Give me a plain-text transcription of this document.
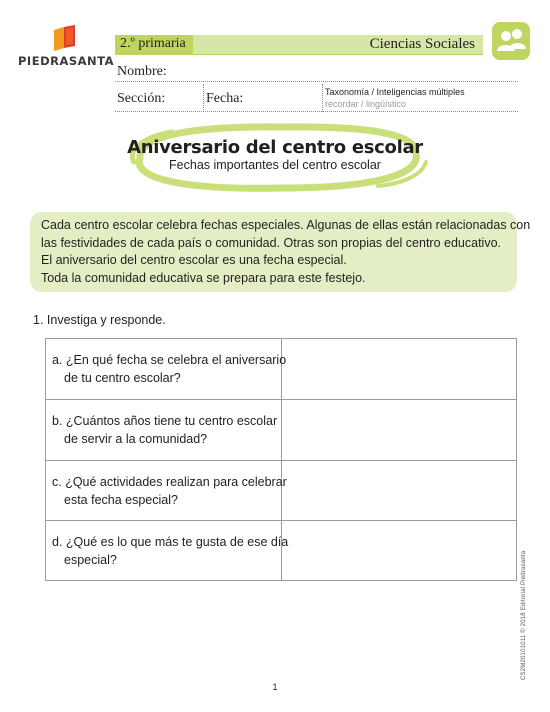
PIEDRASANTA
2.º primaria	Ciencias Sociales
Nombre:
Sección:	Fecha:	Taxonomía / Inteligencias múltiples
recordar / lingüístico
Aniversario del centro escolar
Fechas importantes del centro escolar

Cada centro escolar celebra fechas especiales. Algunas de ellas están relacionadas con

las festividades de cada país o comunidad. Otras son propias del centro educativo.

El aniversario del centro escolar es una fecha especial.

Toda la comunidad educativa se prepara para este festejo.

1. Investiga y responde.
a. ¿En qué fecha se celebra el aniversario
de tu centro escolar?
b. ¿Cuántos años tiene tu centro escolar
de servir a la comunidad?
c. ¿Qué actividades realizan para celebrar
esta fecha especial?
d. ¿Qué es lo que más te gusta de ese día
especial?	CS2M20101011 © 2018 Editorial Piedrasanta
1
